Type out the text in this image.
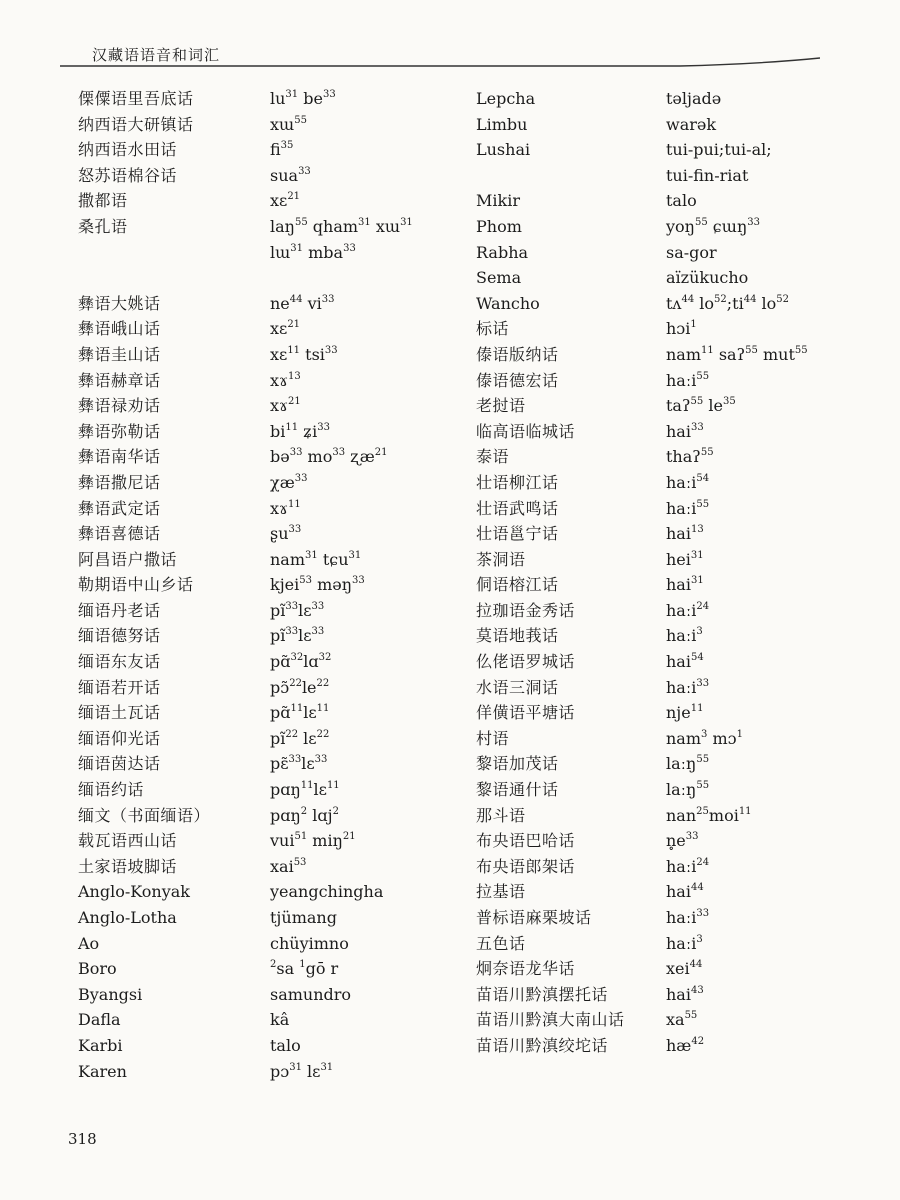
汉藏语语音和词汇
傈僳语里吾底话	$lu^{31}$ $be^{33}$
纳西语大研镇话	xɯ$^{55}$
纳西语水田话	$fi^{35}$
怒苏语棉谷话	sua$^{33}$
撒都语	xɛ$^{21}$
桑孔语	laŋ$^{55}$ qham$^{31}$ xɯ$^{31}$
lɯ$^{31}$ mba$^{33}$
彝语大姚话	$ne^{44}$ $vi^{33}$
彝语峨山话	xɛ$^{21}$
彝语圭山话	xɛ$^{11}$ tsi$^{33}$
彝语赫章话	xɤ$^{13}$
彝语禄劝话	xɤ$^{21}$
彝语弥勒话	$bi^{11}$ ʑi$^{33}$
彝语南华话	bə$^{33}$ $mo^{33}$ ʐæ$^{21}$
彝语撒尼话	$\chi æ^{33}$
彝语武定话	xɤ$^{11}$
彝语喜德话	ʂu$^{33}$
阿昌语户撒话	nam$^{31}$ tɕu$^{31}$
勒期语中山乡话	kjei$^{53}$ məŋ$^{33}$
缅语丹老话	$pĩ^{33}lɛ^{33}$
缅语德努话	$pĩ^{33}lɛ^{33}$
缅语东友话	pɑ̃$^{32}$lɑ$^{32}$
缅语若开话	$pɔ̃^{22}le^{22}$
缅语土瓦话	pɑ̃$^{11}$lɛ$^{11}$
缅语仰光话	$pĩ^{22}$ lɛ$^{22}$
缅语茵达话	pɛ̃$^{33}$lɛ$^{33}$
缅语约话	pɑŋ$^{11}$lɛ$^{11}$
缅文（书面缅语）	pɑŋ$^2$ lɑj$^2$
载瓦语西山话	vui$^{51}$ miŋ$^{21}$
土家语坡脚话	xai$^{53}$
Anglo-Konyak	yeangchingha
Anglo-Lotha	tjümang
Ao	chüyimno
Boro	$^2$sa $^1$gō r
Byangsi	samundro
Dafla	kâ
Karbi	talo
Karen	pɔ$^{31}$ lɛ$^{31}$
Lepcha	təljadə
Limbu	warək
Lushai	tui-pui;tui-al;
tui-fin-riat
Mikir	talo
Phom	yoŋ$^{55}$ ɕɯŋ$^{33}$
Rabha	sa-gor
Sema	aïzükucho
Wancho	tʌ$^{44}$ $lo^{52};ti^{44}$ $lo^{52}$
标话	hɔi$^1$
傣语版纳话	nam$^{11}$ saʔ$^{55}$ mut$^{55}$
傣语德宏话	haːi$^{55}$
老挝语	taʔ$^{55}$ $le^{35}$
临高语临城话	hai$^{33}$
泰语	thaʔ$^{55}$
壮语柳江话	haːi$^{54}$
壮语武鸣话	haːi$^{55}$
壮语邕宁话	hai$^{13}$
茶洞语	hei$^{31}$
侗语榕江话	hai$^{31}$
拉珈语金秀话	haːi$^{24}$
莫语地莪话	haːi$^3$
仫佬语罗城话	hai$^{54}$
水语三洞话	haːi$^{33}$
佯僙语平塘话	nje$^{11}$
村语	nam$^3$ mɔ$^1$
黎语加茂话	laːŋ$^{55}$
黎语通什话	laːŋ$^{55}$
那斗语	nan$^{25}$moi$^{11}$
布央语巴哈话	$n̥e^{33}$
布央语郎架话	haːi$^{24}$
拉基语	hai$^{44}$
普标语麻栗坡话	haːi$^{33}$
五色话	haːi$^3$
炯奈语龙华话	xei$^{44}$
苗语川黔滇摆托话	hai$^{43}$
苗语川黔滇大南山话	$xa^{55}$
苗语川黔滇绞坨话	$hæ^{42}$
318
